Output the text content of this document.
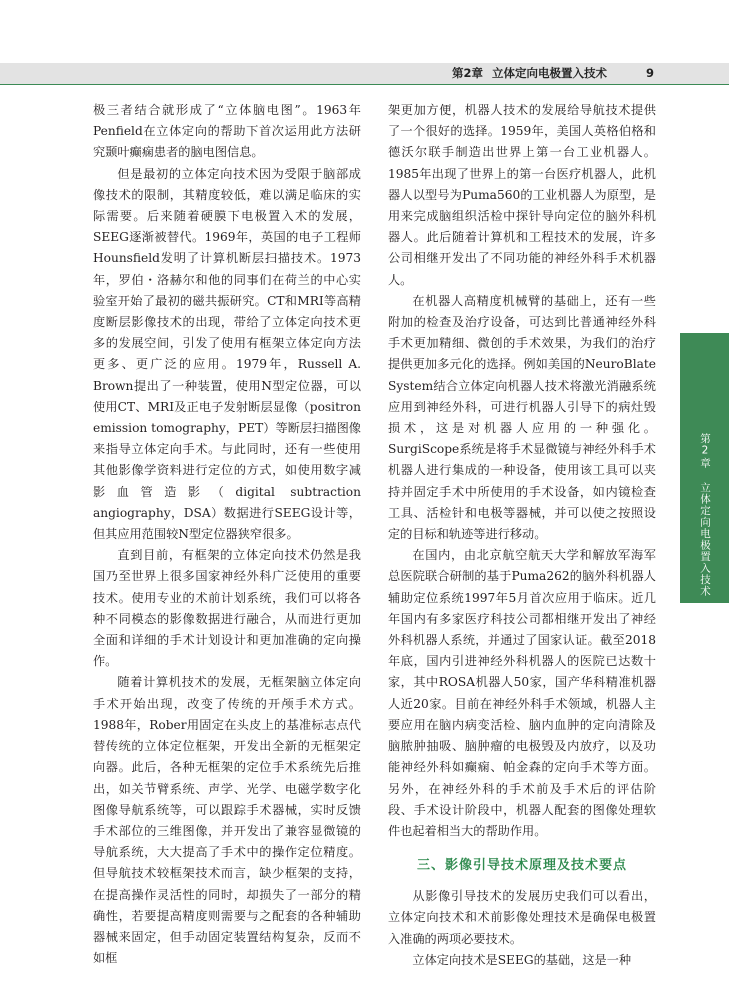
第2章 立体定向电极置入技术	9

极三者结合就形成了“立体脑电图”。1963年Penfield在立体定向的帮助下首次运用此方法研究颞叶癫痫患者的脑电图信息。

但是最初的立体定向技术因为受限于脑部成像技术的限制，其精度较低，难以满足临床的实际需要。后来随着硬膜下电极置入术的发展，SEEG逐渐被替代。1969年，英国的电子工程师Hounsfield发明了计算机断层扫描技术。1973年，罗伯・洛赫尔和他的同事们在荷兰的中心实验室开始了最初的磁共振研究。CT和MRI等高精度断层影像技术的出现，带给了立体定向技术更多的发展空间，引发了使用有框架立体定向方法更多、更广泛的应用。1979年，Russell A. Brown提出了一种装置，使用N型定位器，可以使用CT、MRI及正电子发射断层显像（positron emission tomography，PET）等断层扫描图像来指导立体定向手术。与此同时，还有一些使用其他影像学资料进行定位的方式，如使用数字减影血管造影（digital subtraction angiography，DSA）数据进行SEEG设计等，但其应用范围较N型定位器狭窄很多。

直到目前，有框架的立体定向技术仍然是我国乃至世界上很多国家神经外科广泛使用的重要技术。使用专业的术前计划系统，我们可以将各种不同模态的影像数据进行融合，从而进行更加全面和详细的手术计划设计和更加准确的定向操作。

随着计算机技术的发展，无框架脑立体定向手术开始出现，改变了传统的开颅手术方式。1988年，Rober用固定在头皮上的基准标志点代替传统的立体定位框架，开发出全新的无框架定向器。此后，各种无框架的定位手术系统先后推出，如关节臂系统、声学、光学、电磁学数字化图像导航系统等，可以跟踪手术器械，实时反馈手术部位的三维图像，并开发出了兼容显微镜的导航系统，大大提高了手术中的操作定位精度。但导航技术较框架技术而言，缺少框架的支持，在提高操作灵活性的同时，却损失了一部分的精确性，若要提高精度则需要与之配套的各种辅助器械来固定，但手动固定装置结构复杂，反而不如框

架更加方便，机器人技术的发展给导航技术提供了一个很好的选择。1959年，美国人英格伯格和德沃尔联手制造出世界上第一台工业机器人。1985年出现了世界上的第一台医疗机器人，此机器人以型号为Puma560的工业机器人为原型，是用来完成脑组织活检中探针导向定位的脑外科机器人。此后随着计算机和工程技术的发展，许多公司相继开发出了不同功能的神经外科手术机器人。

在机器人高精度机械臂的基础上，还有一些附加的检查及治疗设备，可达到比普通神经外科手术更加精细、微创的手术效果，为我们的治疗提供更加多元化的选择。例如美国的NeuroBlate System结合立体定向机器人技术将激光消融系统应用到神经外科，可进行机器人引导下的病灶毁损术，这是对机器人应用的一种强化。SurgiScope系统是将手术显微镜与神经外科手术机器人进行集成的一种设备，使用该工具可以夹持并固定手术中所使用的手术设备，如内镜检查工具、活检针和电极等器械，并可以使之按照设定的目标和轨迹等进行移动。

在国内，由北京航空航天大学和解放军海军总医院联合研制的基于Puma262的脑外科机器人辅助定位系统1997年5月首次应用于临床。近几年国内有多家医疗科技公司都相继开发出了神经外科机器人系统，并通过了国家认证。截至2018年底，国内引进神经外科机器人的医院已达数十家，其中ROSA机器人50家，国产华科精准机器人近20家。目前在神经外科手术领域，机器人主要应用在脑内病变活检、脑内血肿的定向清除及脑脓肿抽吸、脑肿瘤的电极毁及内放疗，以及功能神经外科如癫痫、帕金森的定向手术等方面。另外，在神经外科的手术前及手术后的评估阶段、手术设计阶段中，机器人配套的图像处理软件也起着相当大的帮助作用。

三、影像引导技术原理及技术要点

从影像引导技术的发展历史我们可以看出，立体定向技术和术前影像处理技术是确保电极置入准确的两项必要技术。

立体定向技术是SEEG的基础，这是一种

第2章 立体定向电极置入技术
